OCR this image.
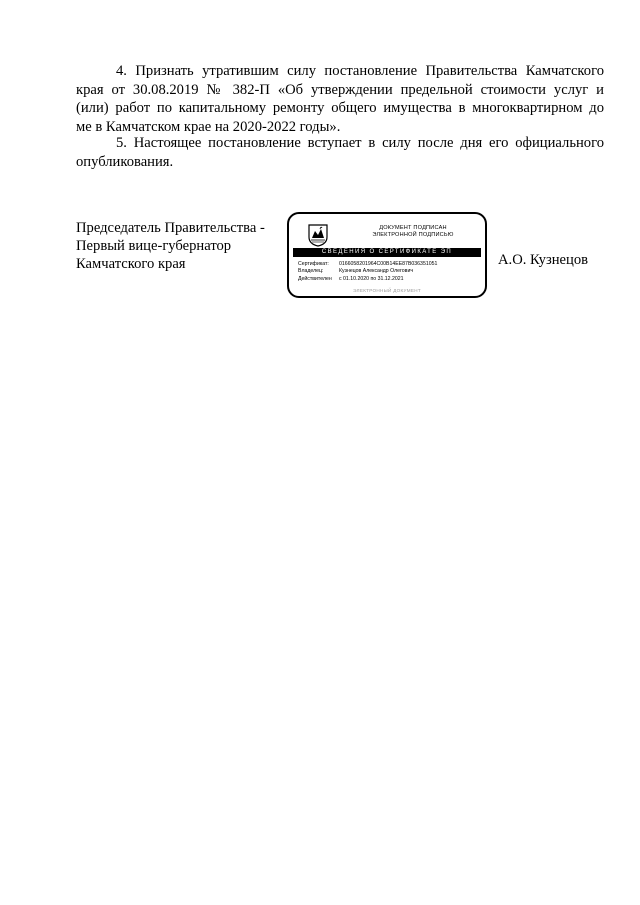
4. Признать утратившим силу постановление Правительства Камчатского
края от 30.08.2019 № 382-П «Об утверждении предельной стоимости услуг и
(или) работ по капитальному ремонту общего имущества в многоквартирном до
ме в Камчатском крае на 2020-2022 годы».
5. Настоящее постановление вступает в силу после дня его официального
опубликования.
Председатель Правительства -
Первый вице-губернатор
Камчатского края
ДОКУМЕНТ ПОДПИСАН
ЭЛЕКТРОННОЙ ПОДПИСЬЮ
СВЕДЕНИЯ О СЕРТИФИКАТЕ ЭП
Сертификат:	0166058201964С00В14ЕЕ87B036351051
Владелец:	Кузнецов Александр Олегович
Действителен	с 01.10.2020 по 31.12.2021
ЭЛЕКТРОННЫЙ ДОКУМЕНТ
А.О. Кузнецов
